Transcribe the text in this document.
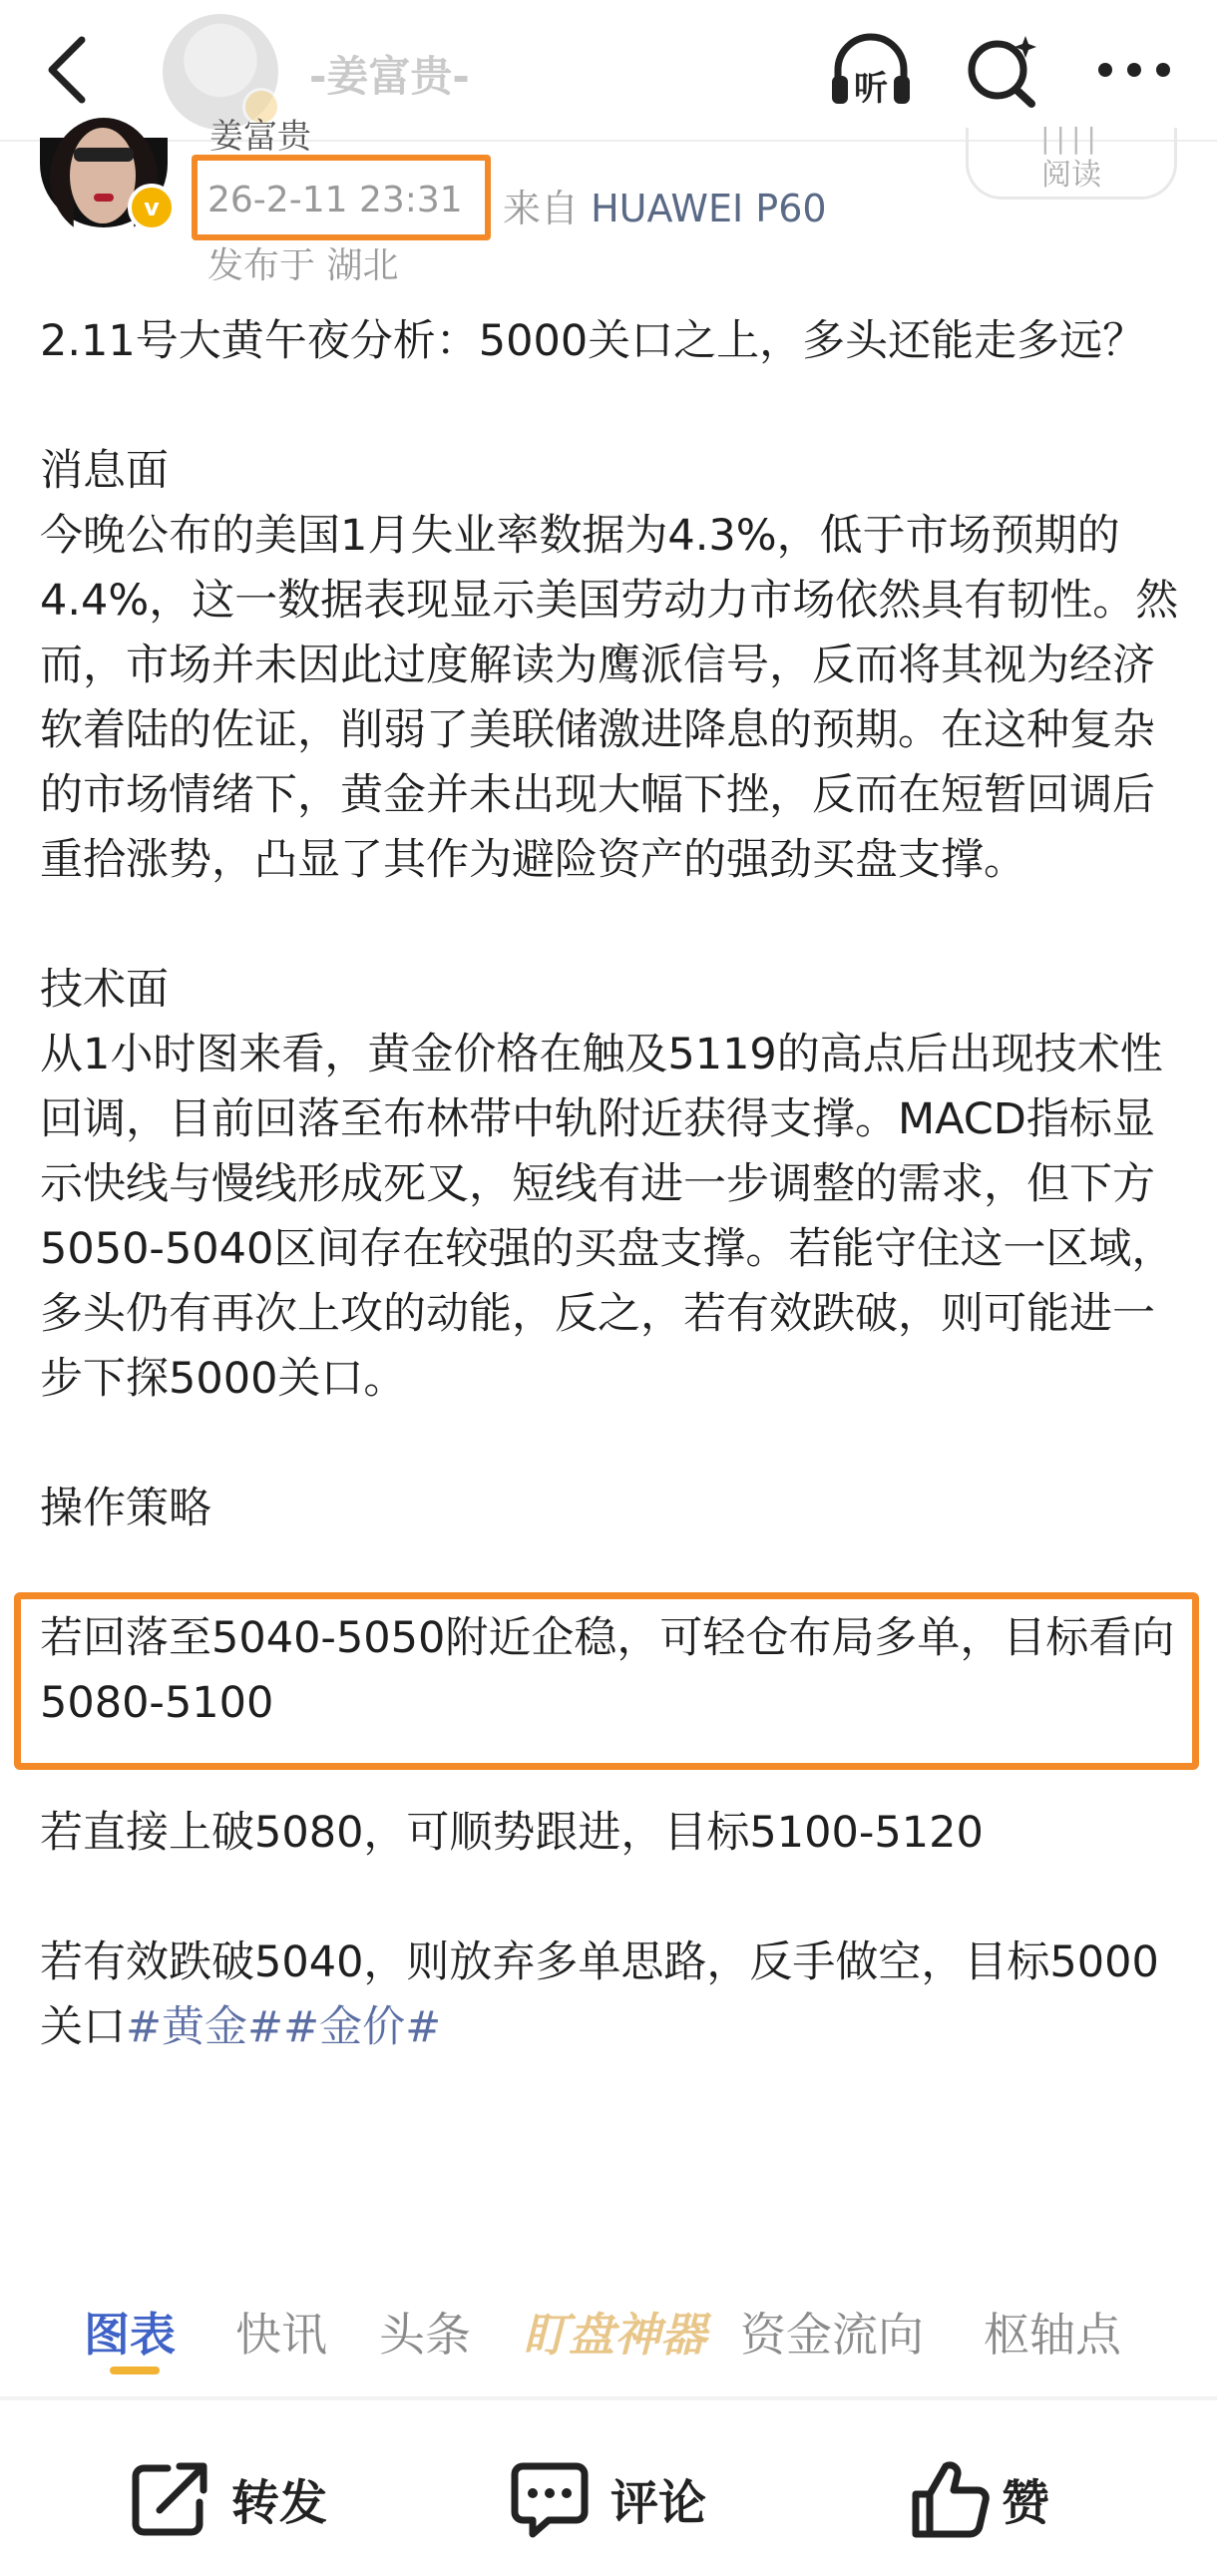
-姜富贵-	听
v
姜富贵
26-2-11 23:31 来自 HUAWEI P60
发布于 湖北
||||
阅读

2.11号大黄午夜分析：5000关口之上，多头还能走多远？

消息面

今晚公布的美国1月失业率数据为4.3%，低于市场预期的4.4%，这一数据表现显示美国劳动力市场依然具有韧性。然而，市场并未因此过度解读为鹰派信号，反而将其视为经济软着陆的佐证，削弱了美联储激进降息的预期。在这种复杂的市场情绪下，黄金并未出现大幅下挫，反而在短暂回调后重拾涨势，凸显了其作为避险资产的强劲买盘支撑。

技术面

从1小时图来看，黄金价格在触及5119的高点后出现技术性回调，目前回落至布林带中轨附近获得支撑。MACD指标显示快线与慢线形成死叉，短线有进一步调整的需求，但下方5050-5040区间存在较强的买盘支撑。若能守住这一区域，多头仍有再次上攻的动能，反之，若有效跌破，则可能进一步下探5000关口。

操作策略

若回落至5040-5050附近企稳，可轻仓布局多单，目标看向5080-5100

若直接上破5080，可顺势跟进，目标5100-5120

若有效跌破5040，则放弃多单思路，反手做空，目标5000关口#黄金##金价#

图表 快讯 头条 盯盘神器 资金流向 枢轴点
转发	评论	赞
